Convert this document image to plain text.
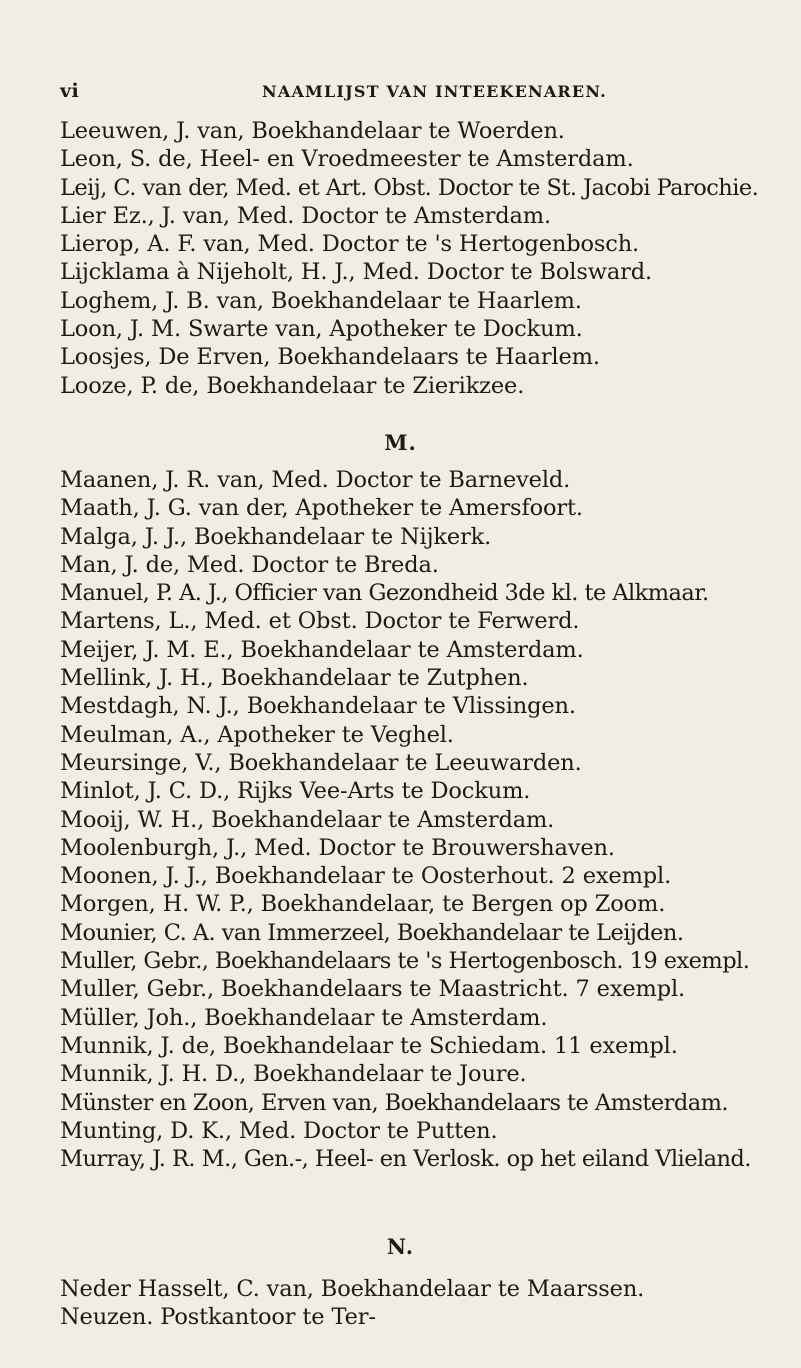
vi	NAAMLIJST VAN INTEEKENAREN.
Leeuwen, J. van, Boekhandelaar te Woerden.
Leon, S. de, Heel- en Vroedmeester te Amsterdam.
Leij, C. van der, Med. et Art. Obst. Doctor te St. Jacobi Parochie.
Lier Ez., J. van, Med. Doctor te Amsterdam.
Lierop, A. F. van, Med. Doctor te 's Hertogenbosch.
Lijcklama à Nijeholt, H. J., Med. Doctor te Bolsward.
Loghem, J. B. van, Boekhandelaar te Haarlem.
Loon, J. M. Swarte van, Apotheker te Dockum.
Loosjes, De Erven, Boekhandelaars te Haarlem.
Looze, P. de, Boekhandelaar te Zierikzee.
M.
Maanen, J. R. van, Med. Doctor te Barneveld.
Maath, J. G. van der, Apotheker te Amersfoort.
Malga, J. J., Boekhandelaar te Nijkerk.
Man, J. de, Med. Doctor te Breda.
Manuel, P. A. J., Officier van Gezondheid 3de kl. te Alkmaar.
Martens, L., Med. et Obst. Doctor te Ferwerd.
Meijer, J. M. E., Boekhandelaar te Amsterdam.
Mellink, J. H., Boekhandelaar te Zutphen.
Mestdagh, N. J., Boekhandelaar te Vlissingen.
Meulman, A., Apotheker te Veghel.
Meursinge, V., Boekhandelaar te Leeuwarden.
Minlot, J. C. D., Rijks Vee-Arts te Dockum.
Mooij, W. H., Boekhandelaar te Amsterdam.
Moolenburgh, J., Med. Doctor te Brouwershaven.
Moonen, J. J., Boekhandelaar te Oosterhout. 2 exempl.
Morgen, H. W. P., Boekhandelaar, te Bergen op Zoom.
Mounier, C. A. van Immerzeel, Boekhandelaar te Leijden.
Muller, Gebr., Boekhandelaars te 's Hertogenbosch. 19 exempl.
Muller, Gebr., Boekhandelaars te Maastricht. 7 exempl.
Müller, Joh., Boekhandelaar te Amsterdam.
Munnik, J. de, Boekhandelaar te Schiedam. 11 exempl.
Munnik, J. H. D., Boekhandelaar te Joure.
Münster en Zoon, Erven van, Boekhandelaars te Amsterdam.
Munting, D. K., Med. Doctor te Putten.
Murray, J. R. M., Gen.-, Heel- en Verlosk. op het eiland Vlieland.
N.
Neder Hasselt, C. van, Boekhandelaar te Maarssen.
Neuzen. Postkantoor te Ter-
